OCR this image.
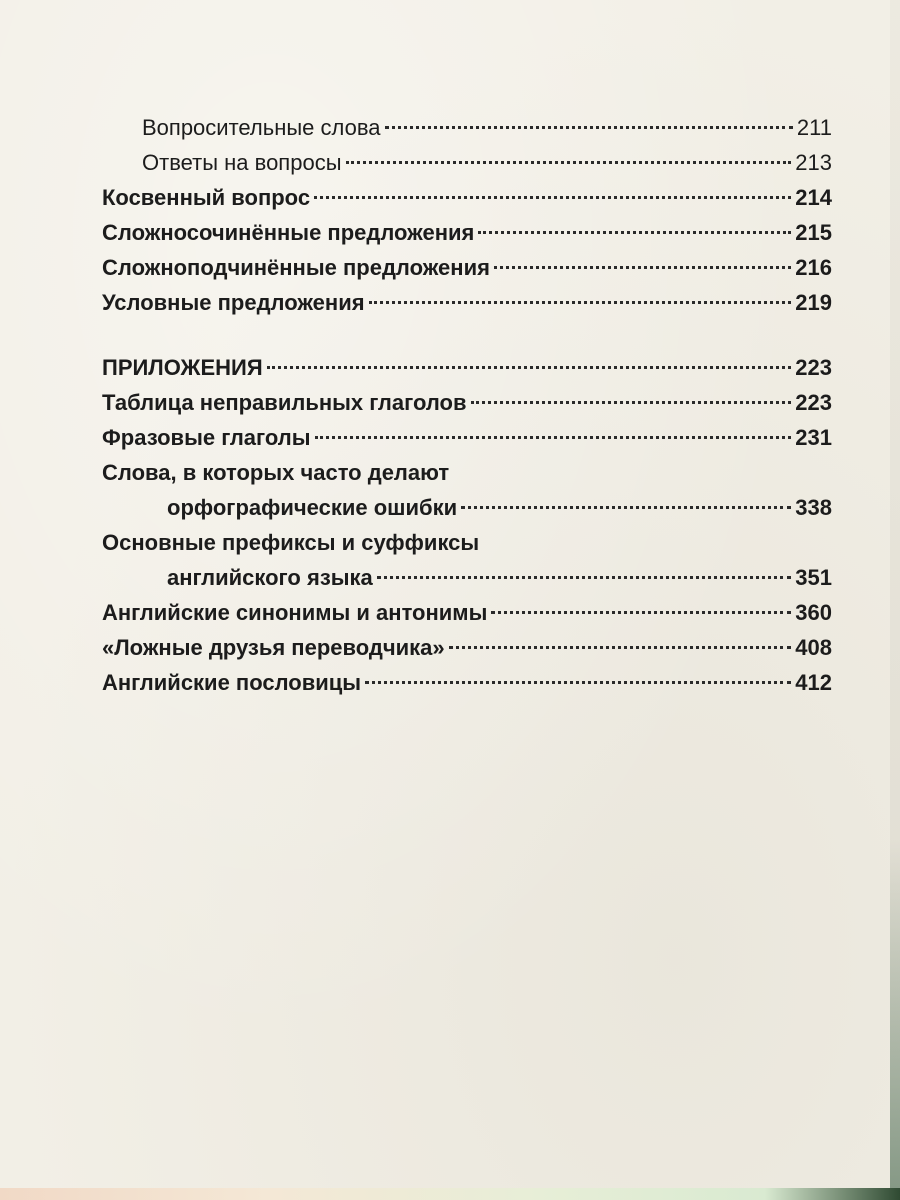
Вопросительные слова	211
Ответы на вопросы	213
Косвенный вопрос	214
Сложносочинённые предложения	215
Сложноподчинённые предложения	216
Условные предложения	219
ПРИЛОЖЕНИЯ	223
Таблица неправильных глаголов	223
Фразовые глаголы	231
Слова, в которых часто делают
орфографические ошибки	338
Основные префиксы и суффиксы
английского языка	351
Английские синонимы и антонимы	360
«Ложные друзья переводчика»	408
Английские пословицы	412
